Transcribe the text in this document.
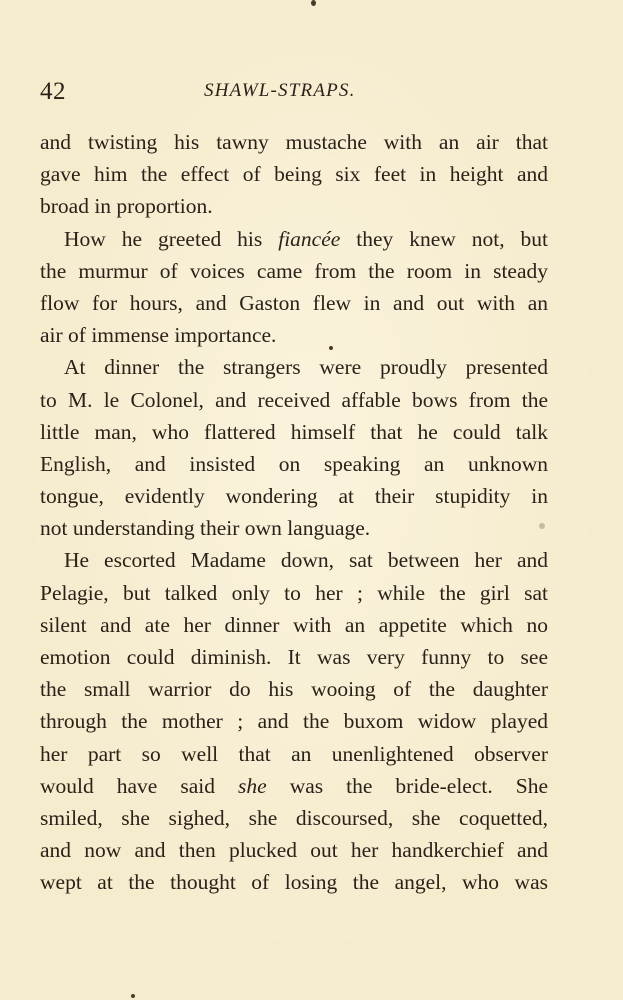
42	SHAWL-STRAPS.
and twisting his tawny mustache with an air that
gave him the effect of being six feet in height and
broad in proportion.
How he greeted his fiancée they knew not, but
the murmur of voices came from the room in steady
flow for hours, and Gaston flew in and out with an
air of immense importance.
At dinner the strangers were proudly presented
to M. le Colonel, and received affable bows from the
little man, who flattered himself that he could talk
English, and insisted on speaking an unknown
tongue, evidently wondering at their stupidity in
not understanding their own language.
He escorted Madame down, sat between her and
Pelagie, but talked only to her ; while the girl sat
silent and ate her dinner with an appetite which no
emotion could diminish. It was very funny to see
the small warrior do his wooing of the daughter
through the mother ; and the buxom widow played
her part so well that an unenlightened observer
would have said she was the bride-elect. She
smiled, she sighed, she discoursed, she coquetted,
and now and then plucked out her handkerchief and
wept at the thought of losing the angel, who was
